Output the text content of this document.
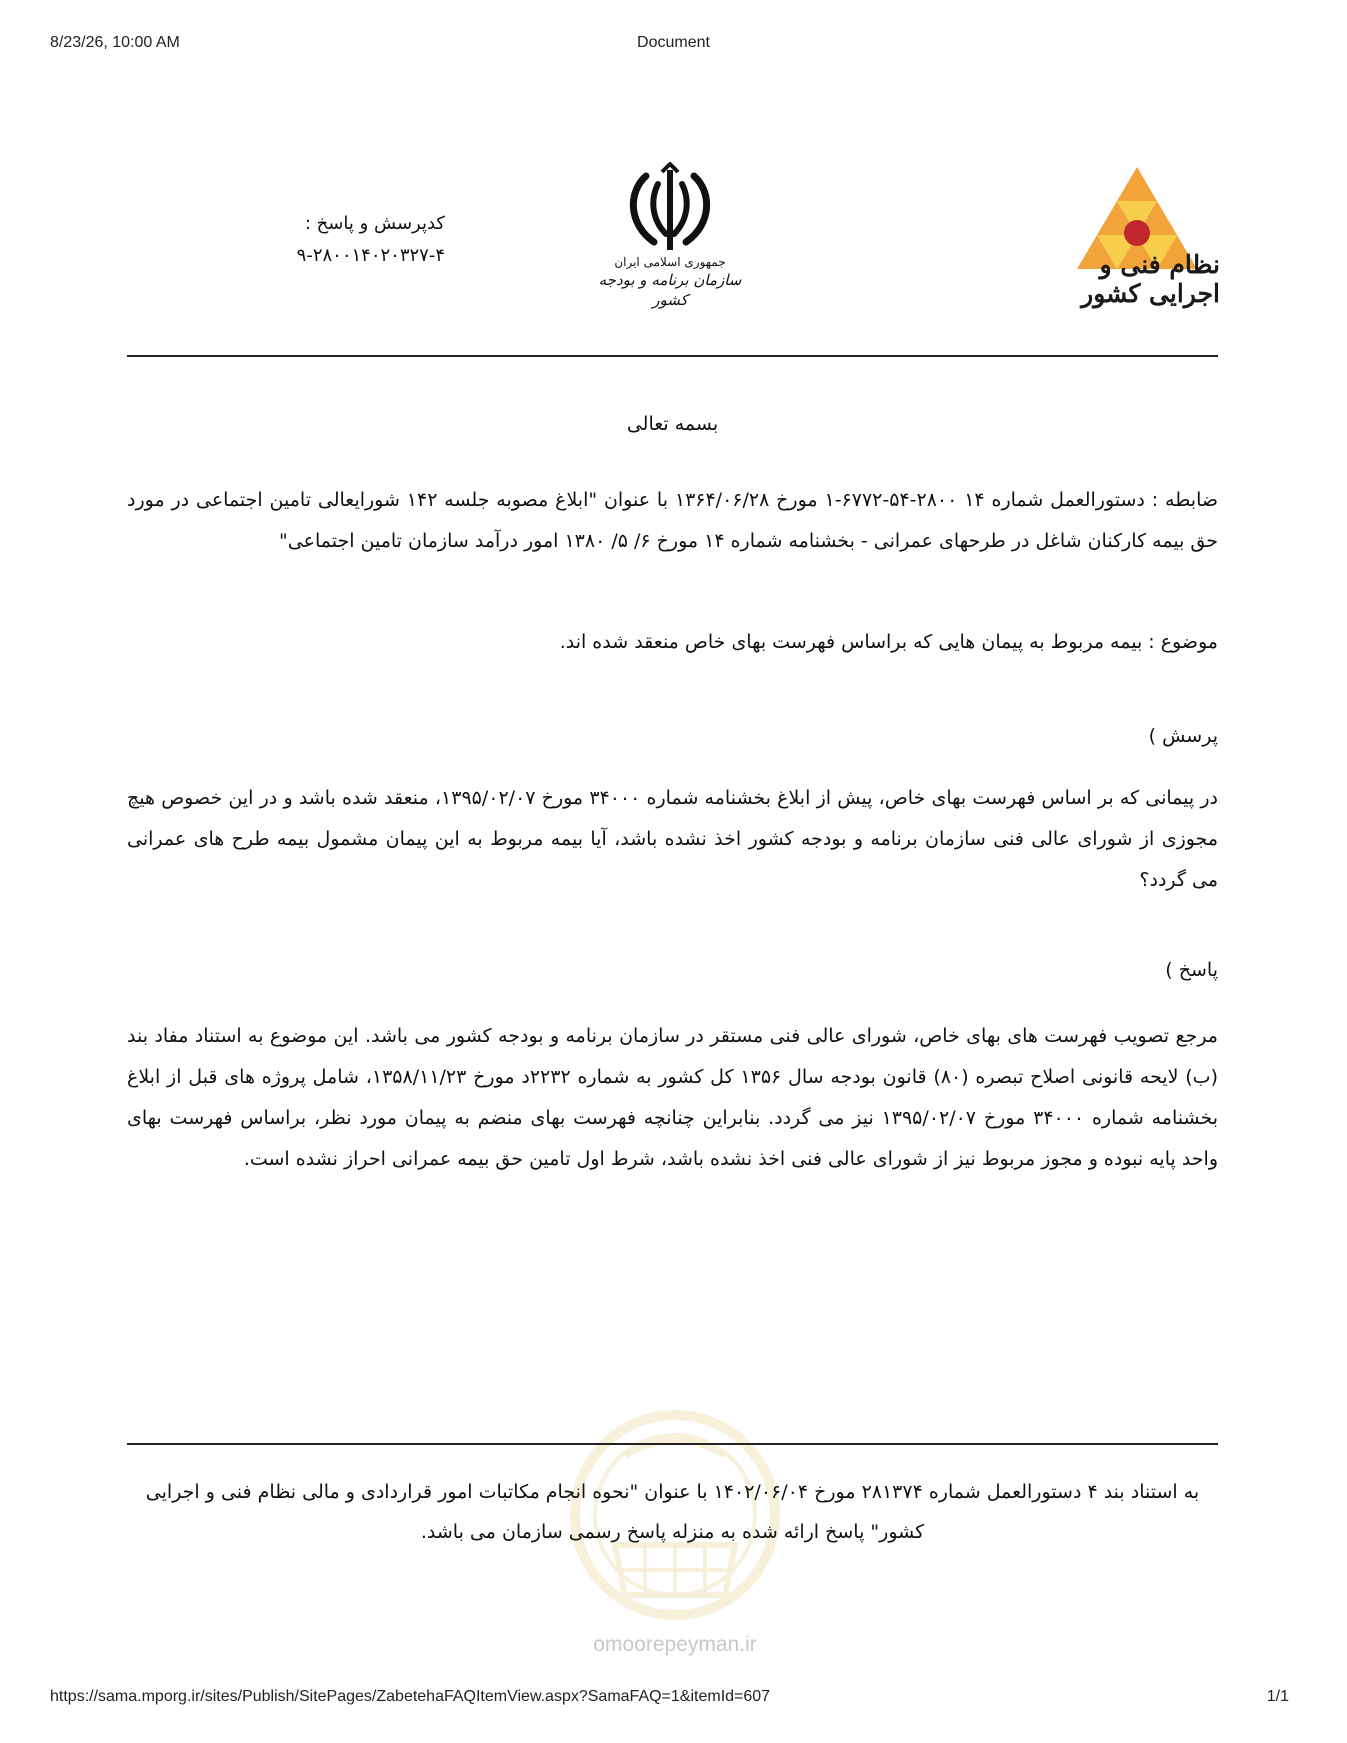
8/23/26, 10:00 AM	Document
نظام فنی و اجرایی کشور
جمهوری اسلامی ایران
سازمان برنامه و بودجه کشور
کدپرسش و پاسخ :
۹-۲۸۰۰۱۴۰۲۰۳۲۷-۴
بسمه تعالی
ضابطه : دستورالعمل شماره ۱۴ ۲۸۰۰-۵۴-۶۷۷۲-۱ مورخ ۱۳۶۴/۰۶/۲۸ با عنوان "ابلاغ مصوبه جلسه ۱۴۲ شورایعالی تامین اجتماعی در مورد حق بیمه کارکنان شاغل در طرحهای عمرانی - بخشنامه شماره ۱۴ مورخ ۶/ ۵/ ۱۳۸۰ امور درآمد سازمان تامین اجتماعی"
موضوع : بیمه مربوط به پیمان هایی که براساس فهرست بهای خاص منعقد شده اند.
پرسش )
در پیمانی که بر اساس فهرست بهای خاص، پیش از ابلاغ بخشنامه شماره ۳۴۰۰۰ مورخ ۱۳۹۵/۰۲/۰۷، منعقد شده باشد و در این خصوص هیچ مجوزی از شورای عالی فنی سازمان برنامه و بودجه کشور اخذ نشده باشد، آیا بیمه مربوط به این پیمان مشمول بیمه طرح های عمرانی می گردد؟
پاسخ )
مرجع تصویب فهرست های بهای خاص، شورای عالی فنی مستقر در سازمان برنامه و بودجه کشور می باشد. این موضوع به استناد مفاد بند (ب) لایحه قانونی اصلاح تبصره (۸۰) قانون بودجه سال ۱۳۵۶ کل کشور به شماره ۲۲۳۲د مورخ ۱۳۵۸/۱۱/۲۳، شامل پروژه های قبل از ابلاغ بخشنامه شماره ۳۴۰۰۰ مورخ ۱۳۹۵/۰۲/۰۷ نیز می گردد. بنابراین چنانچه فهرست بهای منضم به پیمان مورد نظر، براساس فهرست بهای واحد پایه نبوده و مجوز مربوط نیز از شورای عالی فنی اخذ نشده باشد، شرط اول تامین حق بیمه عمرانی احراز نشده است.
به استناد بند ۴ دستورالعمل شماره ۲۸۱۳۷۴ مورخ ۱۴۰۲/۰۶/۰۴ با عنوان "نحوه انجام مکاتبات امور قراردادی و مالی نظام فنی و اجرایی کشور" پاسخ ارائه شده به منزله پاسخ رسمی سازمان می باشد.
omoorepeyman.ir
https://sama.mporg.ir/sites/Publish/SitePages/ZabetehaFAQItemView.aspx?SamaFAQ=1&itemId=607	1/1
